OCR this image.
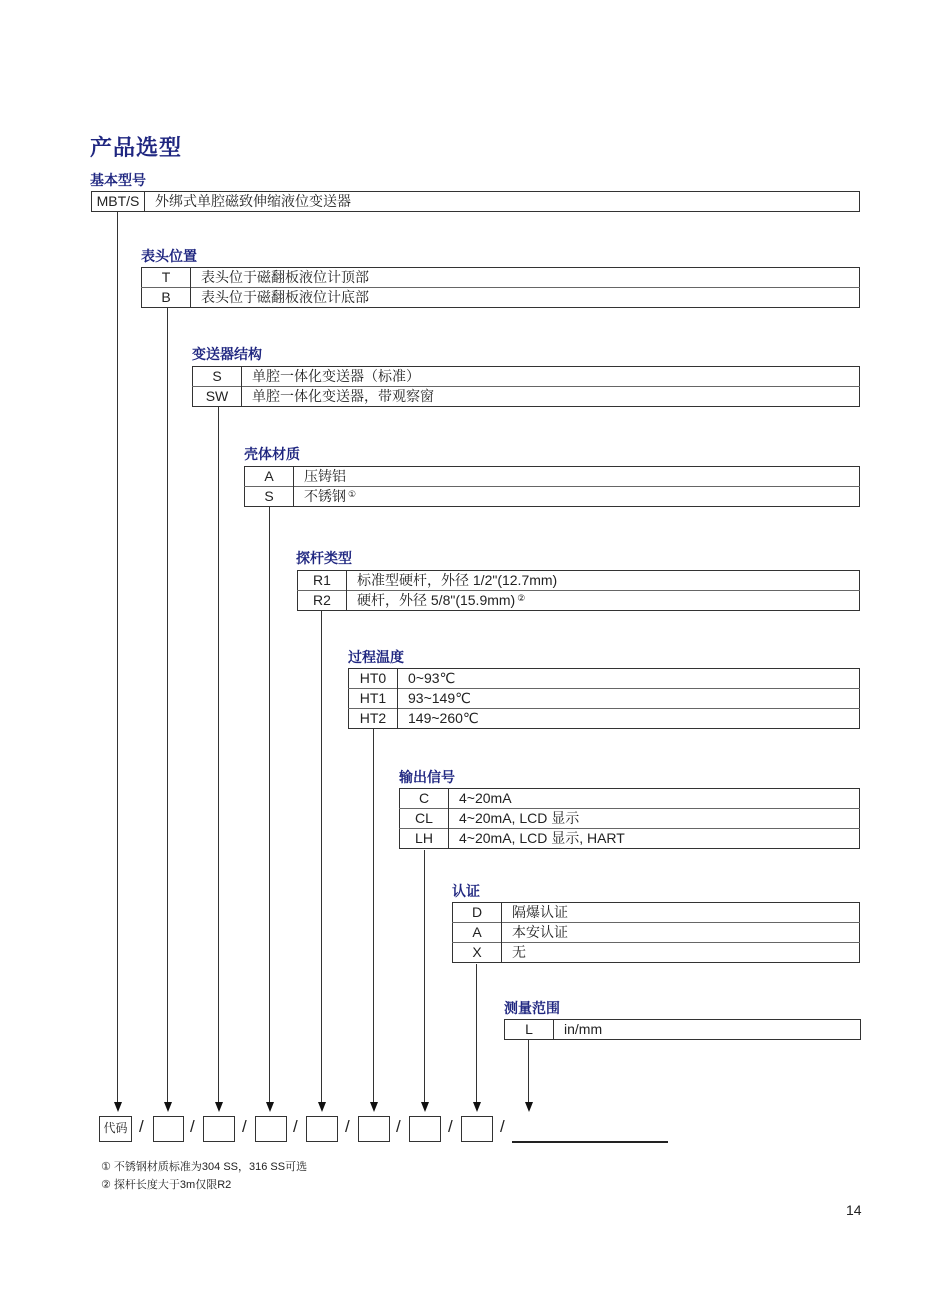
产品选型
基本型号
MBT/S	外绑式单腔磁致伸缩液位变送器
表头位置
T	表头位于磁翻板液位计顶部
B	表头位于磁翻板液位计底部
变送器结构
S	单腔一体化变送器（标准）
SW	单腔一体化变送器，带观察窗
壳体材质
A	压铸铝
S	不锈钢 ①
探杆类型
R1	标准型硬杆，外径 1/2"(12.7mm)
R2	硬杆，外径 5/8"(15.9mm) ②
过程温度
HT0	0~93℃
HT1	93~149℃
HT2	149~260℃
输出信号
C	4~20mA
CL	4~20mA, LCD 显示
LH	4~20mA, LCD 显示, HART
认证
D	隔爆认证
A	本安认证
X	无
测量范围
L	in/mm
代码 /	/	/	/	/	/	/	/
① 不锈钢材质标准为304 SS，316 SS可选
② 探杆长度大于3m仅限R2
14
